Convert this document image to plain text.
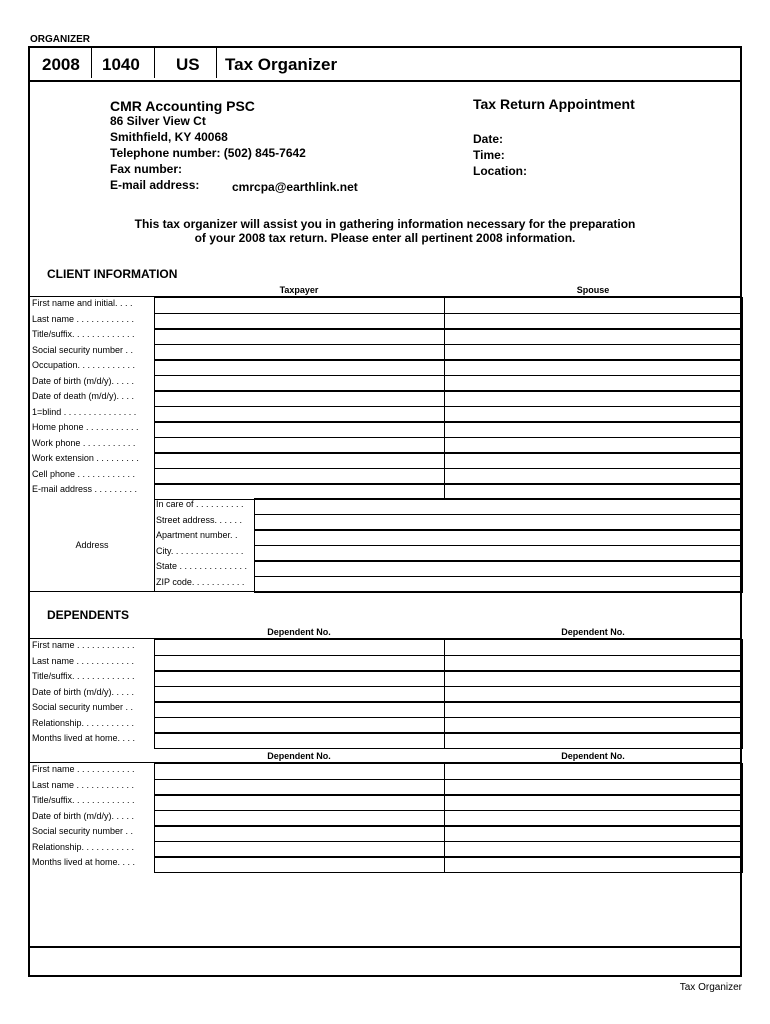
ORGANIZER
2008 1040 US Tax Organizer
CMR Accounting PSC
86 Silver View Ct
Smithfield, KY 40068
Telephone number: (502) 845-7642
Fax number:
E-mail address:	cmrcpa@earthlink.net
Tax Return Appointment
Date:
Time:
Location:
This tax organizer will assist you in gathering information necessary for the preparation
of your 2008 tax return. Please enter all pertinent 2008 information.
CLIENT INFORMATION
Taxpayer	Spouse
First name and initial. . . .
Last name . . . . . . . . . . . .
Title/suffix. . . . . . . . . . . . .
Social security number . .
Occupation. . . . . . . . . . . .
Date of birth (m/d/y). . . . .
Date of death (m/d/y). . . .
1=blind . . . . . . . . . . . . . . .
Home phone . . . . . . . . . . .
Work phone . . . . . . . . . . .
Work extension . . . . . . . . .
Cell phone . . . . . . . . . . . .
E-mail address . . . . . . . . .
Address
In care of . . . . . . . . . .
Street address. . . . . .
Apartment number. .
City. . . . . . . . . . . . . . .
State . . . . . . . . . . . . . .
ZIP code. . . . . . . . . . .
DEPENDENTS
Dependent No.	Dependent No.
First name . . . . . . . . . . . .
Last name . . . . . . . . . . . .
Title/suffix. . . . . . . . . . . . .
Date of birth (m/d/y). . . . .
Social security number . .
Relationship. . . . . . . . . . .
Months lived at home. . . .
Dependent No.	Dependent No.
First name . . . . . . . . . . . .
Last name . . . . . . . . . . . .
Title/suffix. . . . . . . . . . . . .
Date of birth (m/d/y). . . . .
Social security number . .
Relationship. . . . . . . . . . .
Months lived at home. . . .
Tax Organizer
